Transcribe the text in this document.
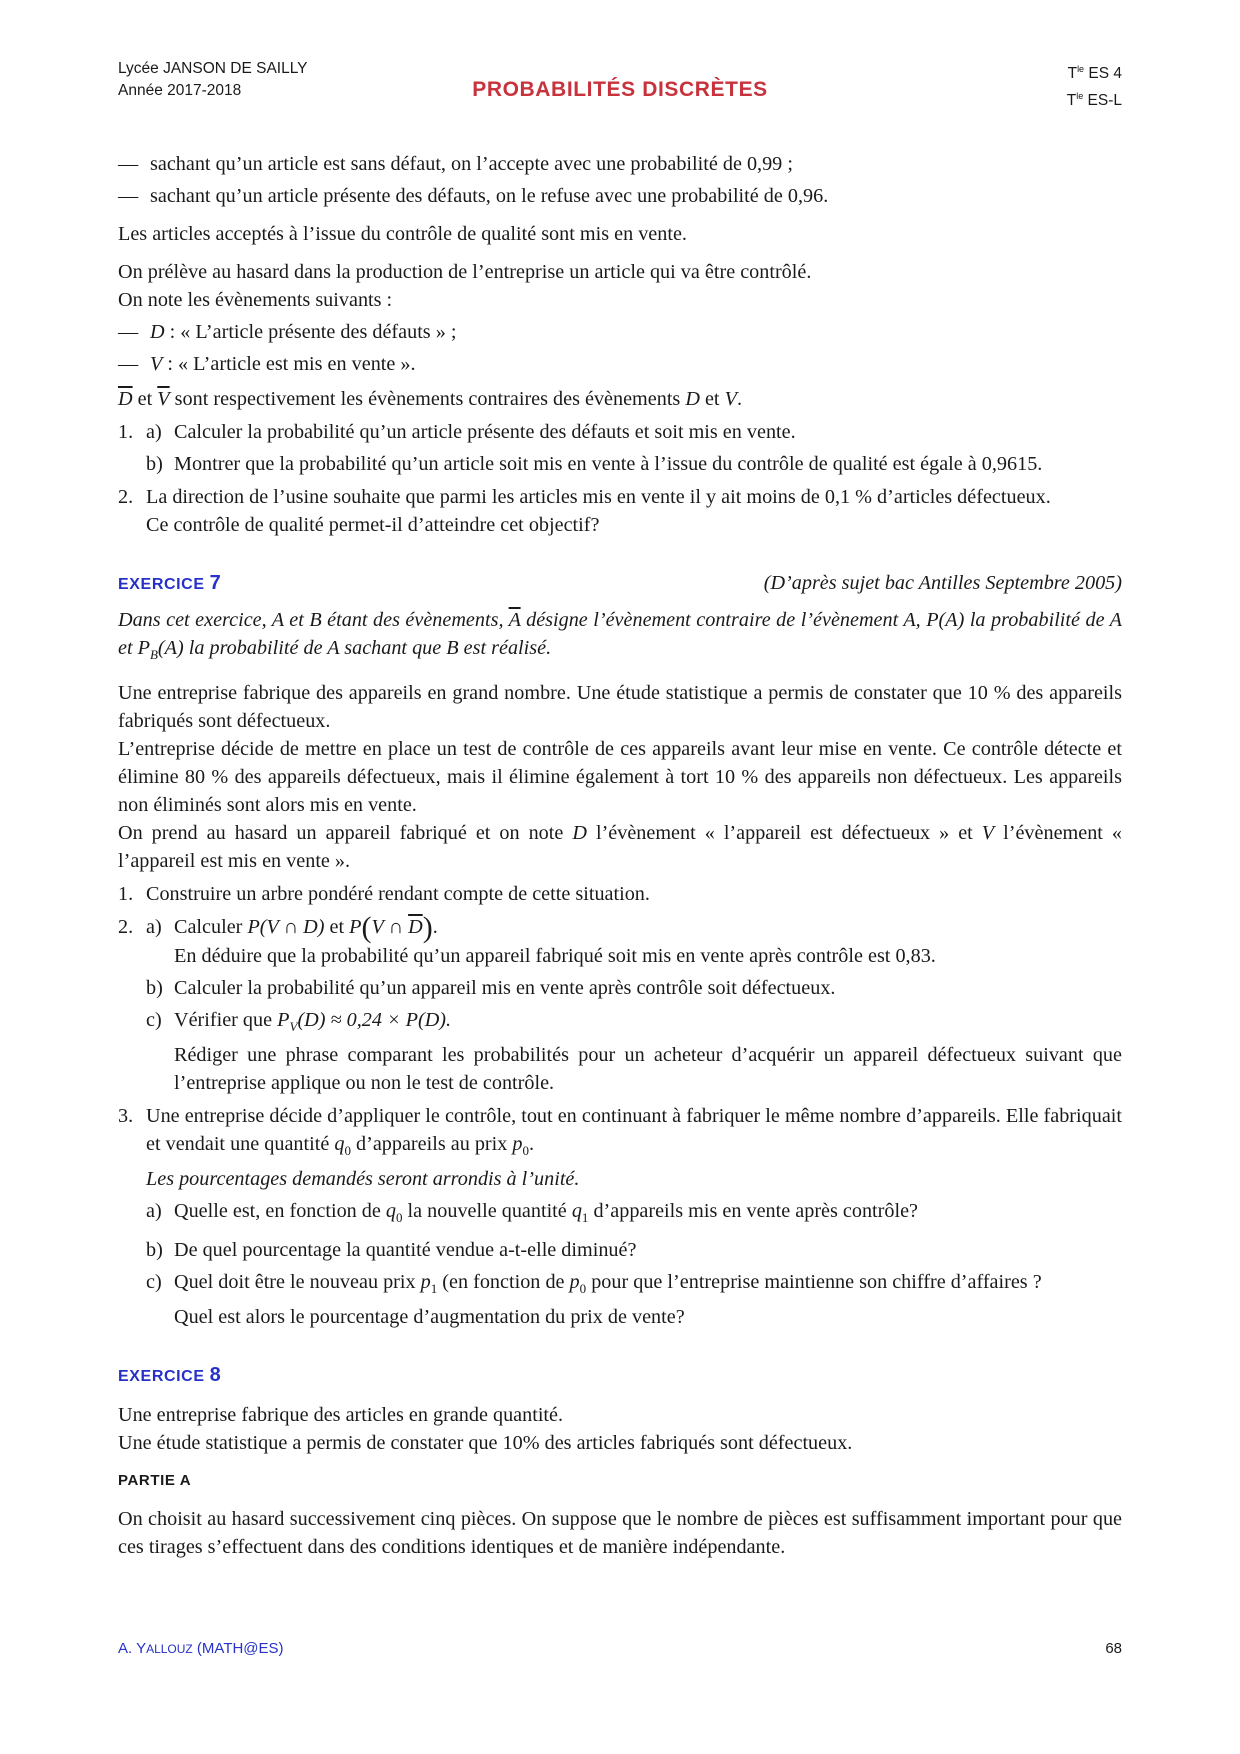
Lycée JANSON DE SAILLY
Année 2017-2018	PROBABILITÉS DISCRÈTES
$T^{le}$ ES 4
$T^{le}$ ES-L
— sachant qu’un article est sans défaut, on l’accepte avec une probabilité de 0,99 ;
— sachant qu’un article présente des défauts, on le refuse avec une probabilité de 0,96.

Les articles acceptés à l’issue du contrôle de qualité sont mis en vente.

On prélève au hasard dans la production de l’entreprise un article qui va être contrôlé.

On note les évènements suivants :

— D : « L’article présente des défauts » ;
— V : « L’article est mis en vente ».

$\overline{D}$ et $\overline{V}$ sont respectivement les évènements contraires des évènements D et V.

1. a) Calculer la probabilité qu’un article présente des défauts et soit mis en vente.
b) Montrer que la probabilité qu’un article soit mis en vente à l’issue du contrôle de qualité est égale à 0,9615.
2. La direction de l’usine souhaite que parmi les articles mis en vente il y ait moins de 0,1 % d’articles défectueux.
Ce contrôle de qualité permet-il d’atteindre cet objectif?
EXERCICE 7	(D’après sujet bac Antilles Septembre 2005)

Dans cet exercice, A et B étant des évènements, $\overline{A}$ désigne l’évènement contraire de l’évènement A, P(A) la probabilité de A et $P_B(A)$ la probabilité de A sachant que B est réalisé.

Une entreprise fabrique des appareils en grand nombre. Une étude statistique a permis de constater que 10 % des appareils fabriqués sont défectueux.

L’entreprise décide de mettre en place un test de contrôle de ces appareils avant leur mise en vente. Ce contrôle détecte et élimine 80 % des appareils défectueux, mais il élimine également à tort 10 % des appareils non défectueux. Les appareils non éliminés sont alors mis en vente.

On prend au hasard un appareil fabriqué et on note D l’évènement « l’appareil est défectueux » et V l’évènement « l’appareil est mis en vente ».

1. Construire un arbre pondéré rendant compte de cette situation.
2. a) Calculer P(V ∩ D) et P(V ∩ $\overline{D}$).
En déduire que la probabilité qu’un appareil fabriqué soit mis en vente après contrôle est 0,83.
b) Calculer la probabilité qu’un appareil mis en vente après contrôle soit défectueux.
c) Vérifier que $P_V(D) \approx 0,24 \times P(D)$.
Rédiger une phrase comparant les probabilités pour un acheteur d’acquérir un appareil défectueux suivant que l’entreprise applique ou non le test de contrôle.
3. Une entreprise décide d’appliquer le contrôle, tout en continuant à fabriquer le même nombre d’appareils. Elle fabriquait et vendait une quantité $q_0$ d’appareils au prix $p_0$.
Les pourcentages demandés seront arrondis à l’unité.
a) Quelle est, en fonction de $q_0$ la nouvelle quantité $q_1$ d’appareils mis en vente après contrôle?
b) De quel pourcentage la quantité vendue a-t-elle diminué?
c) Quel doit être le nouveau prix $p_1$ (en fonction de $p_0$ pour que l’entreprise maintienne son chiffre d’affaires ?
Quel est alors le pourcentage d’augmentation du prix de vente?
EXERCICE 8

Une entreprise fabrique des articles en grande quantité.

Une étude statistique a permis de constater que 10% des articles fabriqués sont défectueux.

PARTIE A

On choisit au hasard successivement cinq pièces. On suppose que le nombre de pièces est suffisamment important pour que ces tirages s’effectuent dans des conditions identiques et de manière indépendante.

A. YALLOUZ (MATH@ES)	68
